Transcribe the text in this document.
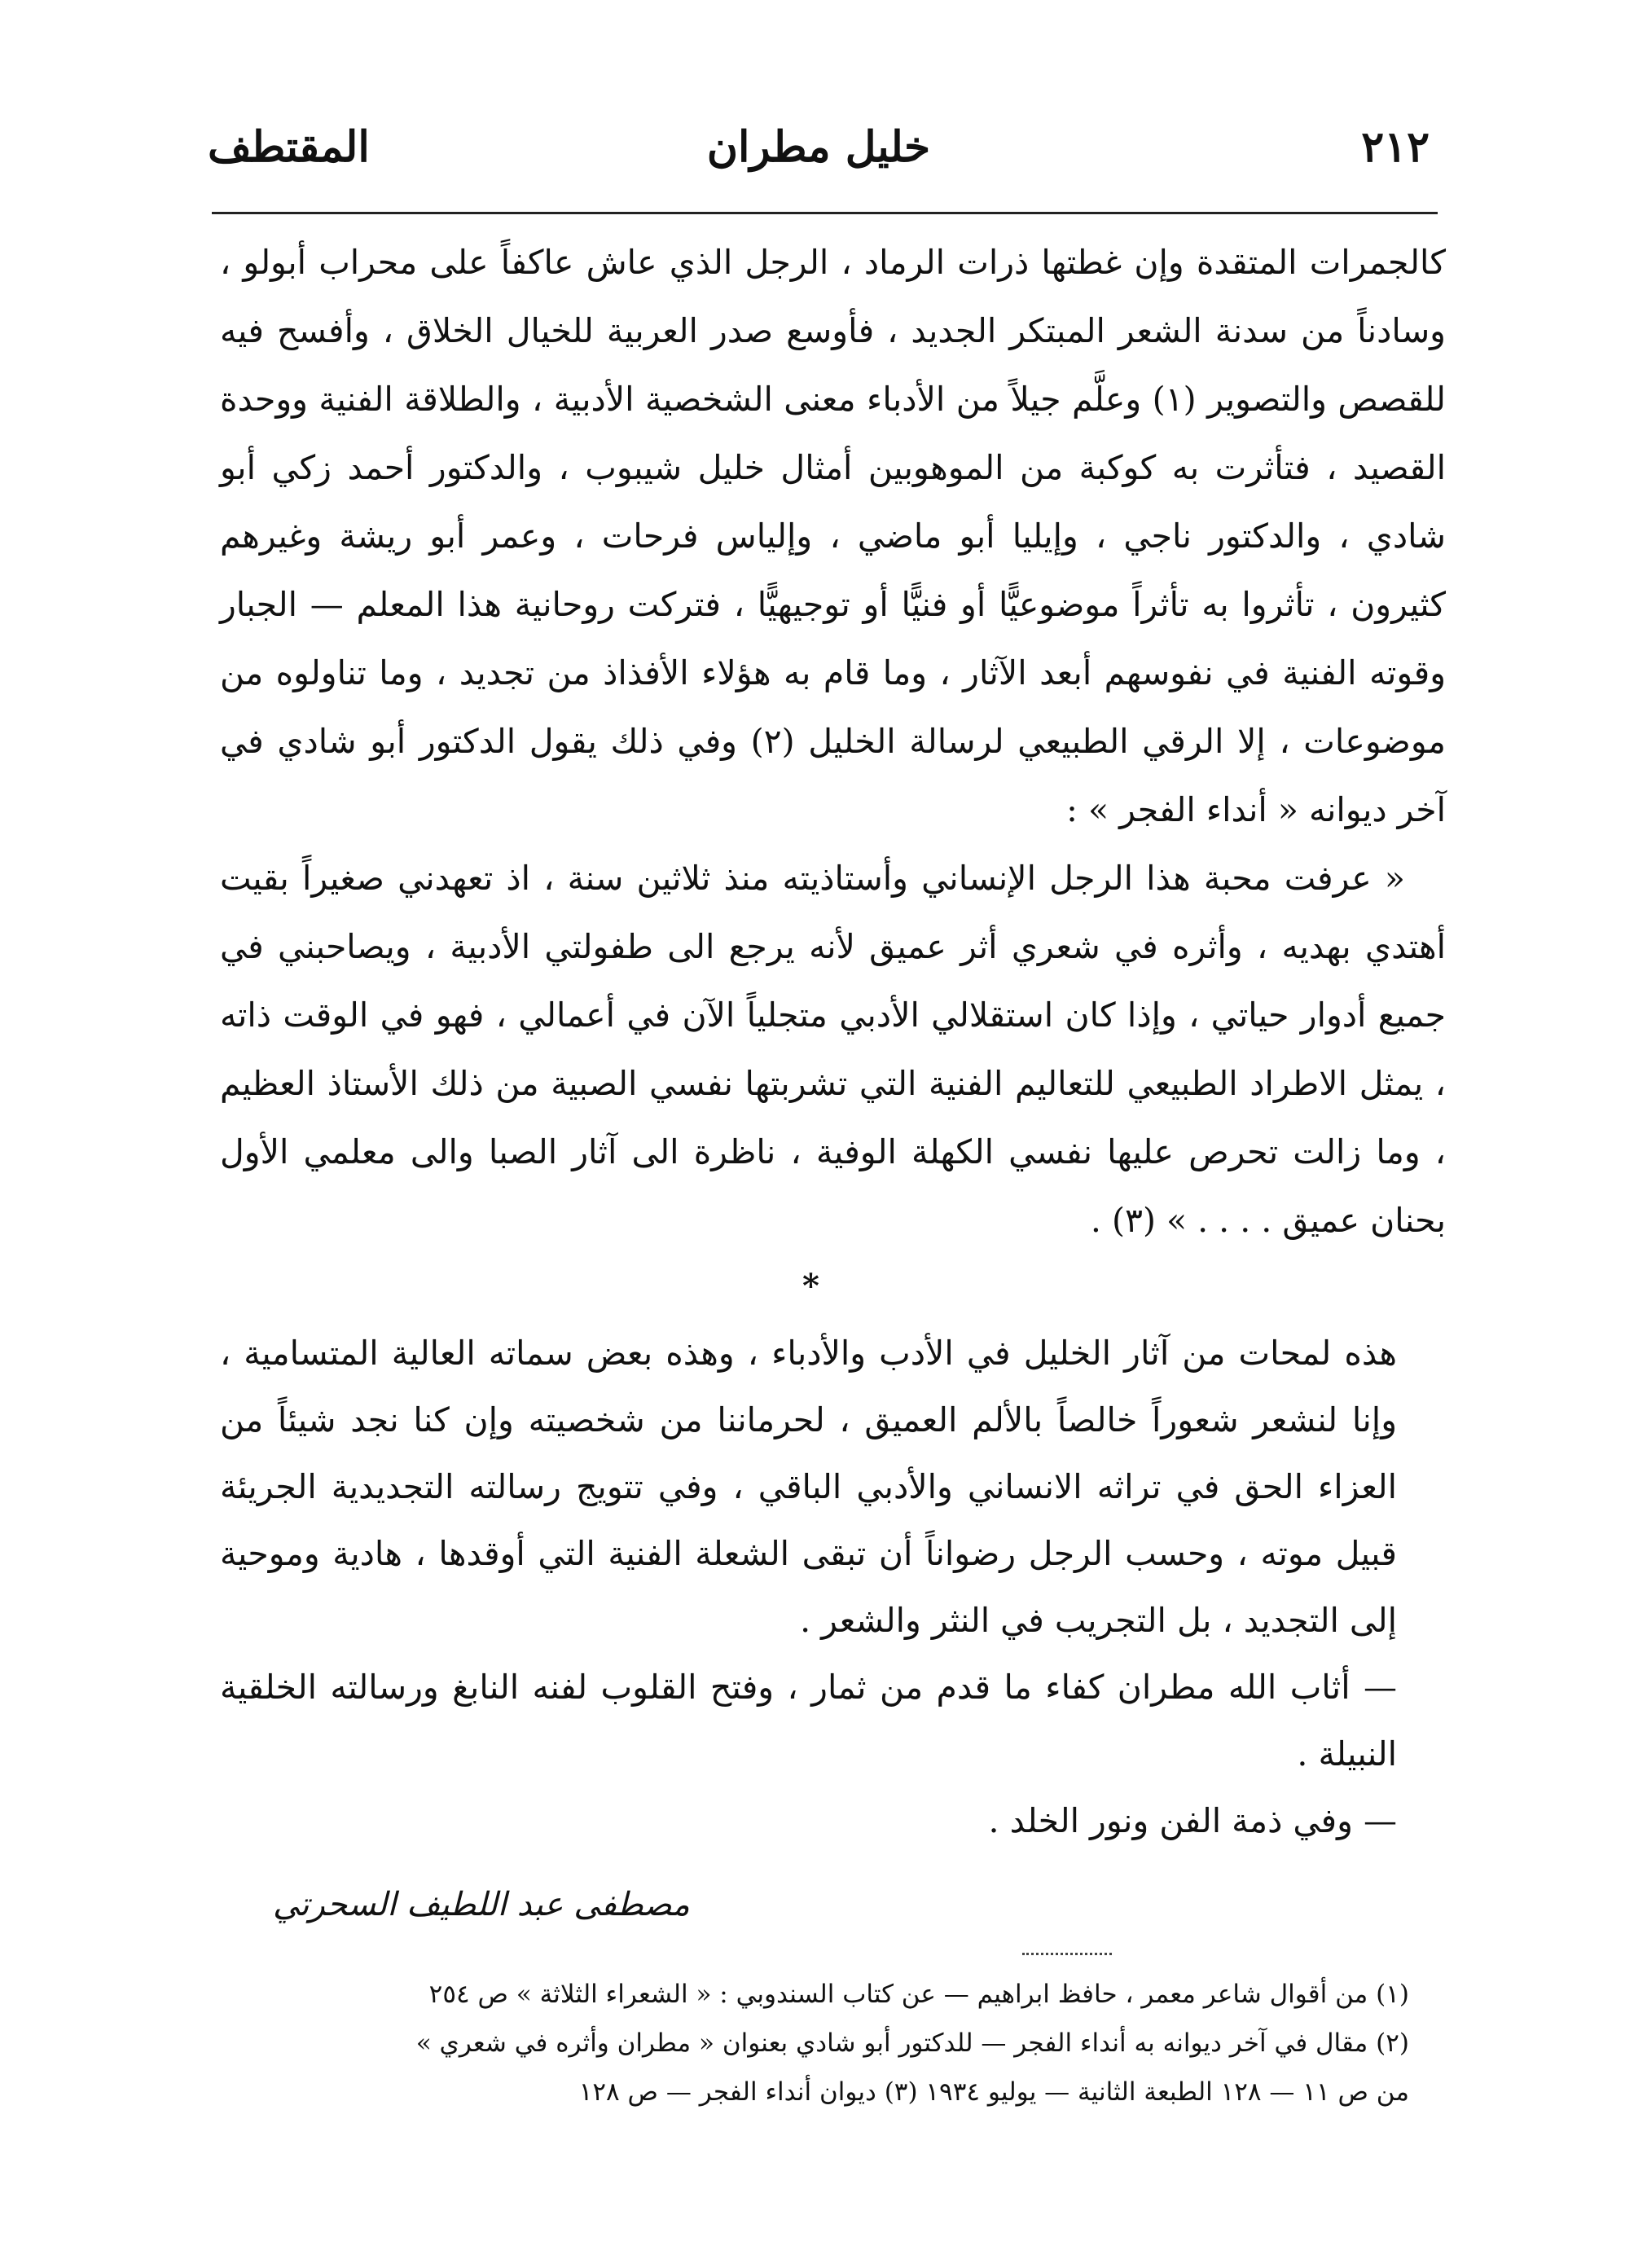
٢١٢
خليل مطران
المقتطف

كالجمرات المتقدة وإن غطتها ذرات الرماد ، الرجل الذي عاش عاكفاً على محراب أبولو ، وسادناً من سدنة الشعر المبتكر الجديد ، فأوسع صدر العربية للخيال الخلاق ، وأفسح فيه للقصص والتصوير (١) وعلَّم جيلاً من الأدباء معنى الشخصية الأدبية ، والطلاقة الفنية ووحدة القصيد ، فتأثرت به كوكبة من الموهوبين أمثال خليل شيبوب ، والدكتور أحمد زكي أبو شادي ، والدكتور ناجي ، وإيليا أبو ماضي ، وإلياس فرحات ، وعمر أبو ريشة وغيرهم كثيرون ، تأثروا به تأثراً موضوعيًّا أو فنيًّا أو توجيهيًّا ، فتركت روحانية هذا المعلم — الجبار وقوته الفنية في نفوسهم أبعد الآثار ، وما قام به هؤلاء الأفذاذ من تجديد ، وما تناولوه من موضوعات ، إلا الرقي الطبيعي لرسالة الخليل (٢) وفي ذلك يقول الدكتور أبو شادي في آخر ديوانه « أنداء الفجر » :

« عرفت محبة هذا الرجل الإنساني وأستاذيته منذ ثلاثين سنة ، اذ تعهدني صغيراً بقيت أهتدي بهديه ، وأثره في شعري أثر عميق لأنه يرجع الى طفولتي الأدبية ، ويصاحبني في جميع أدوار حياتي ، وإذا كان استقلالي الأدبي متجلياً الآن في أعمالي ، فهو في الوقت ذاته ، يمثل الاطراد الطبيعي للتعاليم الفنية التي تشربتها نفسي الصبية من ذلك الأستاذ العظيم ، وما زالت تحرص عليها نفسي الكهلة الوفية ، ناظرة الى آثار الصبا والى معلمي الأول بحنان عميق . . . . » (٣) .

*

هذه لمحات من آثار الخليل في الأدب والأدباء ، وهذه بعض سماته العالية المتسامية ، وإنا لنشعر شعوراً خالصاً بالألم العميق ، لحرماننا من شخصيته وإن كنا نجد شيئاً من العزاء الحق في تراثه الانساني والأدبي الباقي ، وفي تتويج رسالته التجديدية الجريئة قبيل موته ، وحسب الرجل رضواناً أن تبقى الشعلة الفنية التي أوقدها ، هادية وموحية إلى التجديد ، بل التجريب في النثر والشعر .

— أثاب الله مطران كفاء ما قدم من ثمار ، وفتح القلوب لفنه النابغ ورسالته الخلقية النبيلة .

— وفي ذمة الفن ونور الخلد .

مصطفى عبد اللطيف السحرتي
(١) من أقوال شاعر معمر ، حافظ ابراهيم — عن كتاب السندوبي : « الشعراء الثلاثة » ص ٢٥٤
(٢) مقال في آخر ديوانه به أنداء الفجر — للدكتور أبو شادي بعنوان « مطران وأثره في شعري »
من ص ١١ — ١٢٨ الطبعة الثانية — يوليو ١٩٣٤ (٣) ديوان أنداء الفجر — ص ١٢٨
